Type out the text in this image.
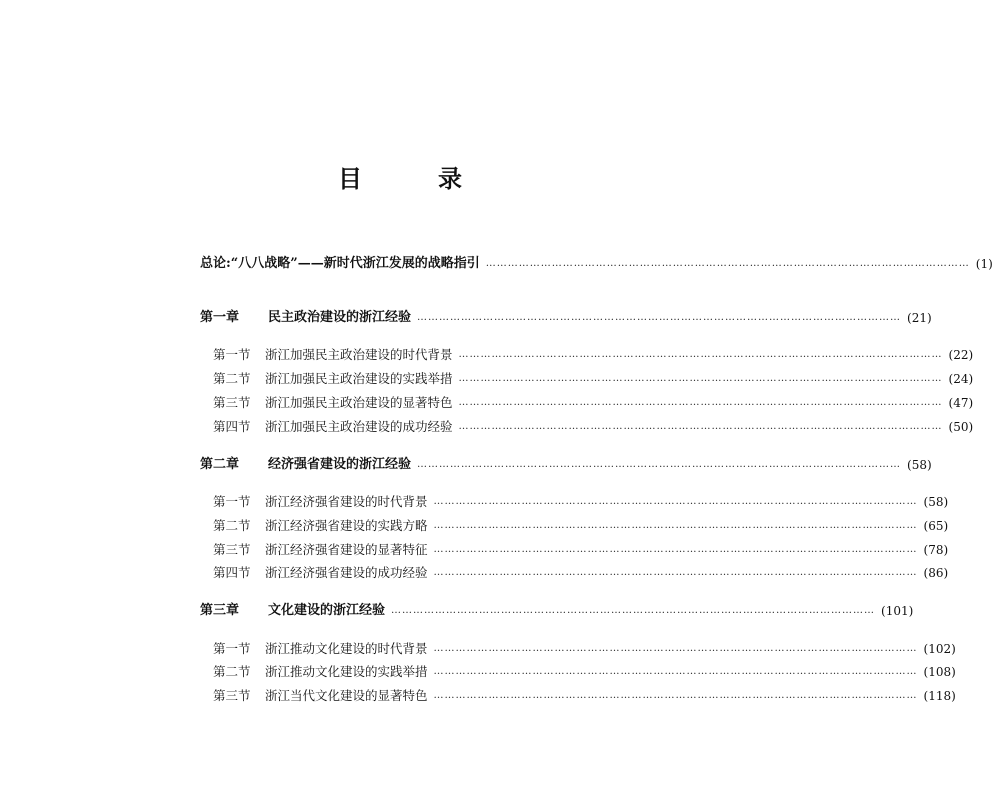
目　录
总论:“八八战略”——新时代浙江发展的战略指引 …………………………………………………………………………………………………………………… (1)
第一章	民主政治建设的浙江经验 …………………………………………………………………………………………………………………… (21)
第一节	浙江加强民主政治建设的时代背景 …………………………………………………………………………………………………………………… (22)
第二节	浙江加强民主政治建设的实践举措 …………………………………………………………………………………………………………………… (24)
第三节	浙江加强民主政治建设的显著特色 …………………………………………………………………………………………………………………… (47)
第四节	浙江加强民主政治建设的成功经验 …………………………………………………………………………………………………………………… (50)
第二章	经济强省建设的浙江经验 …………………………………………………………………………………………………………………… (58)
第一节	浙江经济强省建设的时代背景 …………………………………………………………………………………………………………………… (58)
第二节	浙江经济强省建设的实践方略 …………………………………………………………………………………………………………………… (65)
第三节	浙江经济强省建设的显著特征 …………………………………………………………………………………………………………………… (78)
第四节	浙江经济强省建设的成功经验 …………………………………………………………………………………………………………………… (86)
第三章	文化建设的浙江经验 …………………………………………………………………………………………………………………… (101)
第一节	浙江推动文化建设的时代背景 …………………………………………………………………………………………………………………… (102)
第二节	浙江推动文化建设的实践举措 …………………………………………………………………………………………………………………… (108)
第三节	浙江当代文化建设的显著特色 …………………………………………………………………………………………………………………… (118)
